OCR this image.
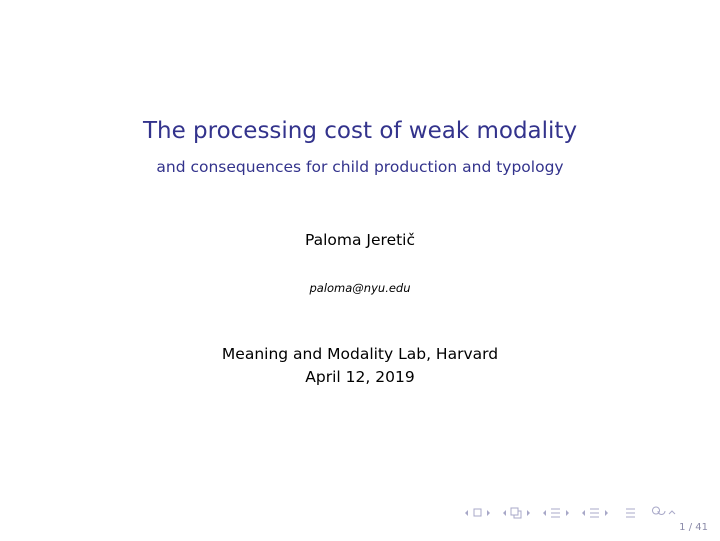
The processing cost of weak modality
and consequences for child production and typology
Paloma Jeretič
paloma@nyu.edu
Meaning and Modality Lab, Harvard
April 12, 2019
1 / 41
